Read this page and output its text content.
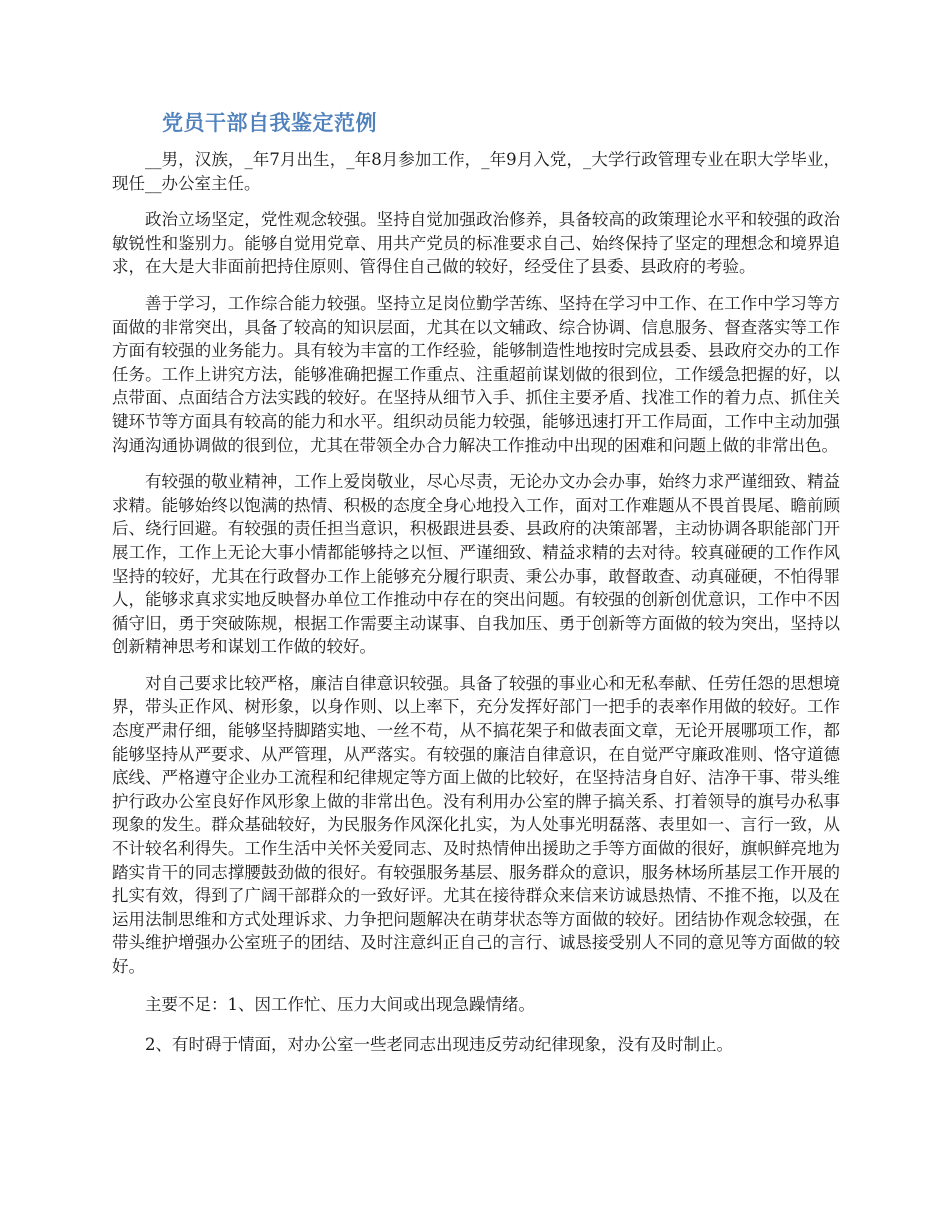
党员干部自我鉴定范例

__男，汉族，_年7月出生，_年8月参加工作，_年9月入党，_大学行政管理专业在职大学毕业，现任__办公室主任。

政治立场坚定，党性观念较强。坚持自觉加强政治修养，具备较高的政策理论水平和较强的政治敏锐性和鉴别力。能够自觉用党章、用共产党员的标准要求自己、始终保持了坚定的理想念和境界追求，在大是大非面前把持住原则、管得住自己做的较好，经受住了县委、县政府的考验。

善于学习，工作综合能力较强。坚持立足岗位勤学苦练、坚持在学习中工作、在工作中学习等方面做的非常突出，具备了较高的知识层面，尤其在以文辅政、综合协调、信息服务、督查落实等工作方面有较强的业务能力。具有较为丰富的工作经验，能够制造性地按时完成县委、县政府交办的工作任务。工作上讲究方法，能够准确把握工作重点、注重超前谋划做的很到位，工作缓急把握的好，以点带面、点面结合方法实践的较好。在坚持从细节入手、抓住主要矛盾、找准工作的着力点、抓住关键环节等方面具有较高的能力和水平。组织动员能力较强，能够迅速打开工作局面，工作中主动加强沟通沟通协调做的很到位，尤其在带领全办合力解决工作推动中出现的困难和问题上做的非常出色。

有较强的敬业精神，工作上爱岗敬业，尽心尽责，无论办文办会办事，始终力求严谨细致、精益求精。能够始终以饱满的热情、积极的态度全身心地投入工作，面对工作难题从不畏首畏尾、瞻前顾后、绕行回避。有较强的责任担当意识，积极跟进县委、县政府的决策部署，主动协调各职能部门开展工作，工作上无论大事小情都能够持之以恒、严谨细致、精益求精的去对待。较真碰硬的工作作风坚持的较好，尤其在行政督办工作上能够充分履行职责、秉公办事，敢督敢查、动真碰硬，不怕得罪人，能够求真求实地反映督办单位工作推动中存在的突出问题。有较强的创新创优意识，工作中不因循守旧，勇于突破陈规，根据工作需要主动谋事、自我加压、勇于创新等方面做的较为突出，坚持以创新精神思考和谋划工作做的较好。

对自己要求比较严格，廉洁自律意识较强。具备了较强的事业心和无私奉献、任劳任怨的思想境界，带头正作风、树形象，以身作则、以上率下，充分发挥好部门一把手的表率作用做的较好。工作态度严肃仔细，能够坚持脚踏实地、一丝不苟，从不搞花架子和做表面文章，无论开展哪项工作，都能够坚持从严要求、从严管理，从严落实。有较强的廉洁自律意识，在自觉严守廉政准则、恪守道德底线、严格遵守企业办工流程和纪律规定等方面上做的比较好，在坚持洁身自好、洁净干事、带头维护行政办公室良好作风形象上做的非常出色。没有利用办公室的牌子搞关系、打着领导的旗号办私事现象的发生。群众基础较好，为民服务作风深化扎实，为人处事光明磊落、表里如一、言行一致，从不计较名利得失。工作生活中关怀关爱同志、及时热情伸出援助之手等方面做的很好，旗帜鲜亮地为踏实肯干的同志撑腰鼓劲做的很好。有较强服务基层、服务群众的意识，服务林场所基层工作开展的扎实有效，得到了广阔干部群众的一致好评。尤其在接待群众来信来访诚恳热情、不推不拖，以及在运用法制思维和方式处理诉求、力争把问题解决在萌芽状态等方面做的较好。团结协作观念较强，在带头维护增强办公室班子的团结、及时注意纠正自己的言行、诚恳接受别人不同的意见等方面做的较好。

主要不足：1、因工作忙、压力大间或出现急躁情绪。

2、有时碍于情面，对办公室一些老同志出现违反劳动纪律现象，没有及时制止。
